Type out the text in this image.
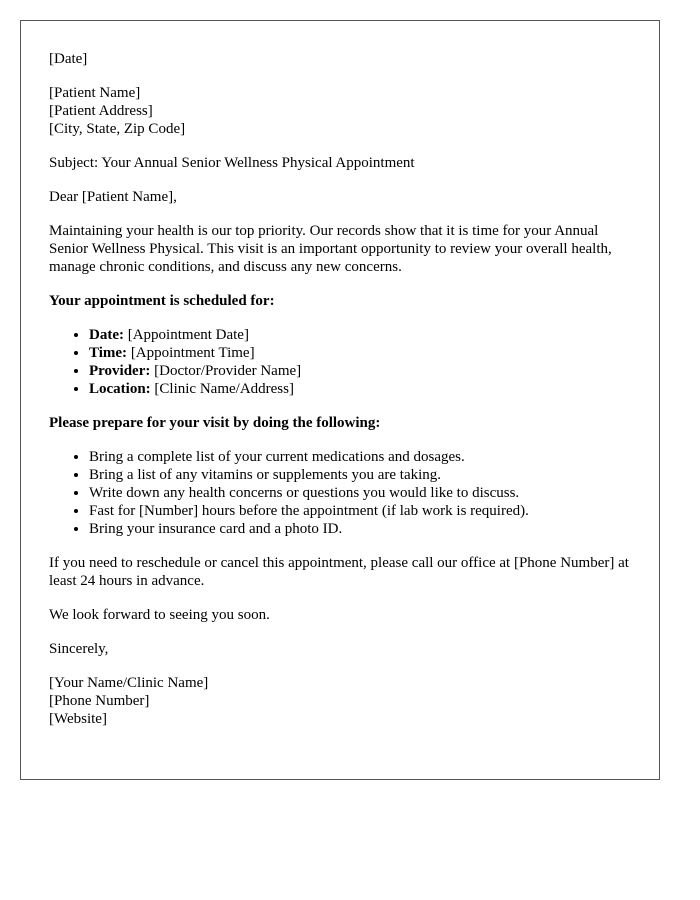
[Date]
[Patient Name]
[Patient Address]
[City, State, Zip Code]

Subject: Your Annual Senior Wellness Physical Appointment

Dear [Patient Name],

Maintaining your health is our top priority. Our records show that it is time for your Annual Senior Wellness Physical. This visit is an important opportunity to review your overall health, manage chronic conditions, and discuss any new concerns.

Your appointment is scheduled for:

• Date: [Appointment Date]
• Time: [Appointment Time]
• Provider: [Doctor/Provider Name]
• Location: [Clinic Name/Address]

Please prepare for your visit by doing the following:

• Bring a complete list of your current medications and dosages.
• Bring a list of any vitamins or supplements you are taking.
• Write down any health concerns or questions you would like to discuss.
• Fast for [Number] hours before the appointment (if lab work is required).
• Bring your insurance card and a photo ID.

If you need to reschedule or cancel this appointment, please call our office at [Phone Number] at least 24 hours in advance.

We look forward to seeing you soon.

Sincerely,

[Your Name/Clinic Name]
[Phone Number]
[Website]
